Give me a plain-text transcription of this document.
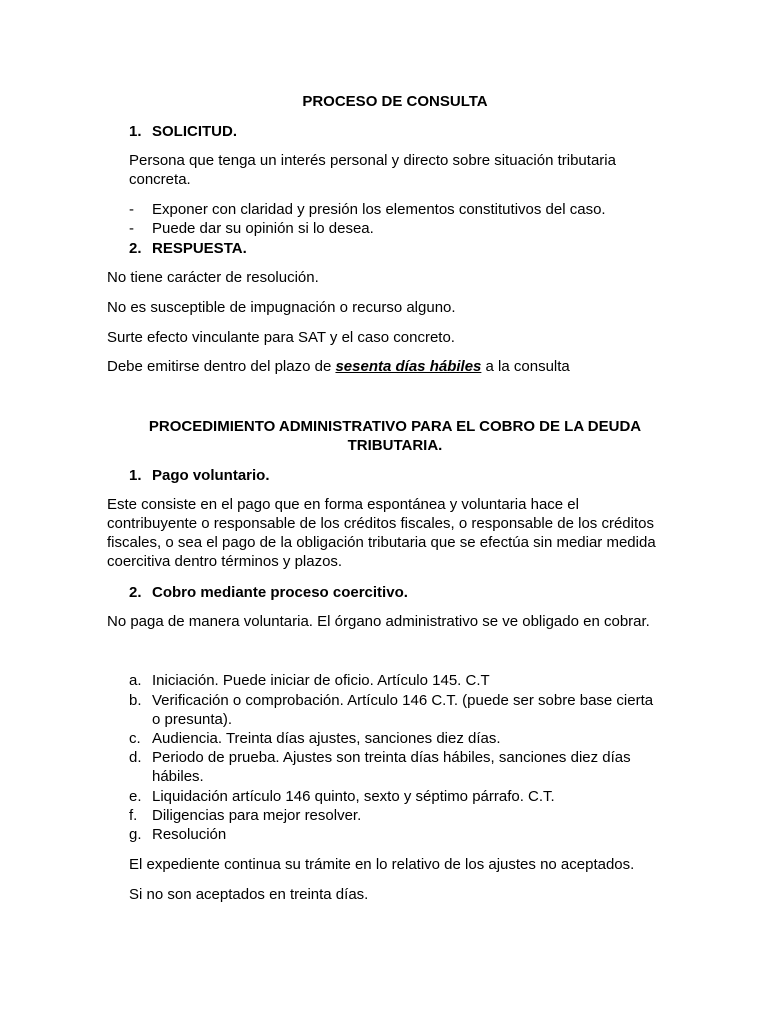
PROCESO DE CONSULTA
1. SOLICITUD.
Persona que tenga un interés personal y directo sobre situación tributaria concreta.
- Exponer con claridad y presión los elementos constitutivos del caso.
- Puede dar su opinión si lo desea.
2. RESPUESTA.
No tiene carácter de resolución.
No es susceptible de impugnación o recurso alguno.
Surte efecto vinculante para SAT y el caso concreto.
Debe emitirse dentro del plazo de sesenta días hábiles a la consulta
PROCEDIMIENTO ADMINISTRATIVO PARA EL COBRO DE LA DEUDA
TRIBUTARIA.
1. Pago voluntario.
Este consiste en el pago que en forma espontánea y voluntaria hace el contribuyente o responsable de los créditos fiscales, o responsable de los créditos fiscales, o sea el pago de la obligación tributaria que se efectúa sin mediar medida coercitiva dentro términos y plazos.
2. Cobro mediante proceso coercitivo.
No paga de manera voluntaria. El órgano administrativo se ve obligado en cobrar.
a. Iniciación. Puede iniciar de oficio. Artículo 145. C.T
b. Verificación o comprobación. Artículo 146 C.T. (puede ser sobre base cierta o presunta).
c. Audiencia. Treinta días ajustes, sanciones diez días.
d. Periodo de prueba. Ajustes son treinta días hábiles, sanciones diez días hábiles.
e. Liquidación artículo 146 quinto, sexto y séptimo párrafo. C.T.
f. Diligencias para mejor resolver.
g. Resolución
El expediente continua su trámite en lo relativo de los ajustes no aceptados.
Si no son aceptados en treinta días.
